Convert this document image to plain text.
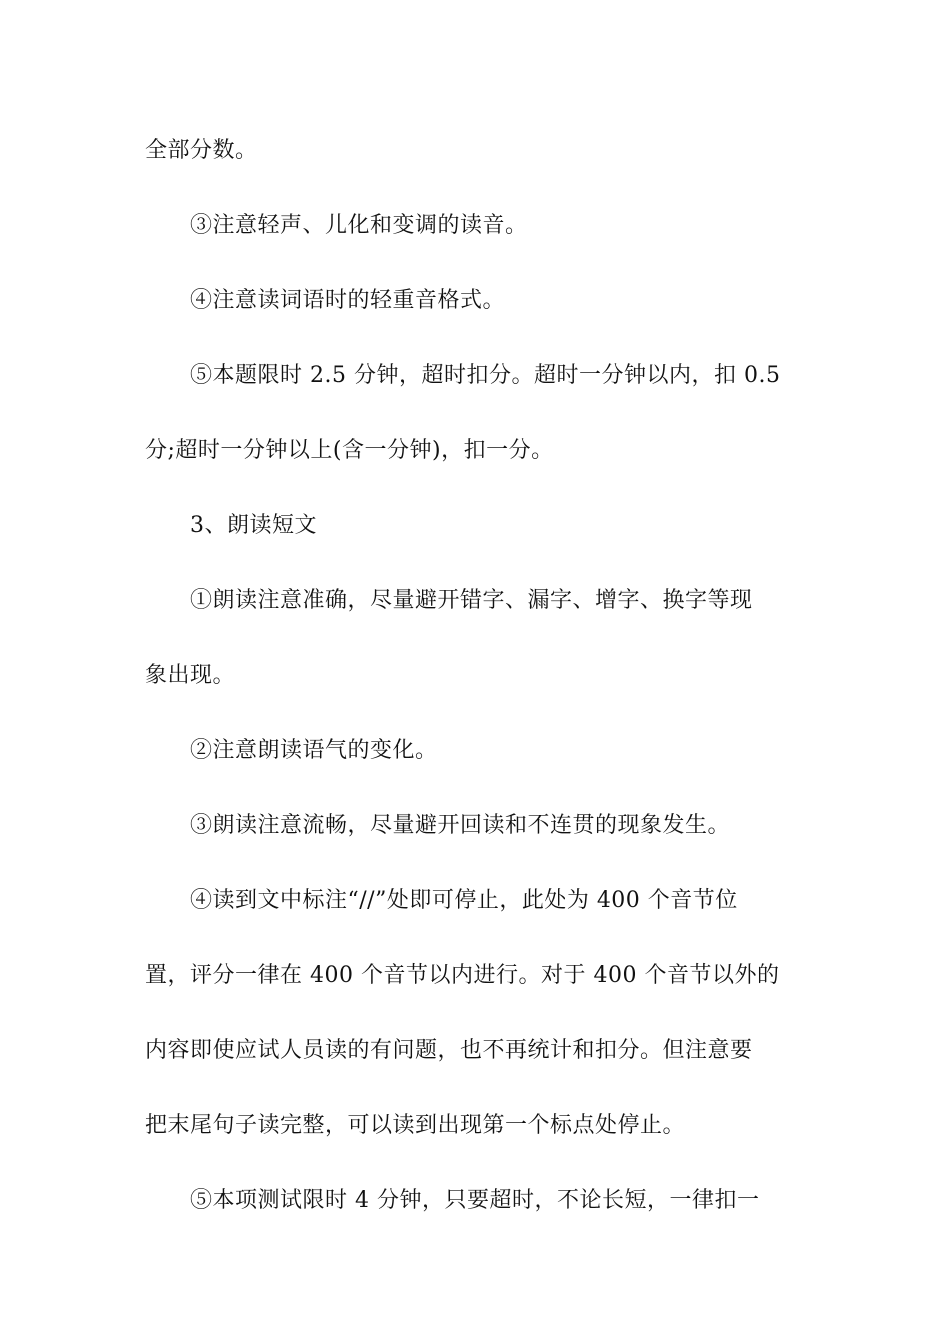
全部分数。
③注意轻声、儿化和变调的读音。
④注意读词语时的轻重音格式。
⑤本题限时 2.5 分钟，超时扣分。超时一分钟以内，扣 0.5
分;超时一分钟以上(含一分钟)，扣一分。
3、朗读短文
①朗读注意准确，尽量避开错字、漏字、增字、换字等现
象出现。
②注意朗读语气的变化。
③朗读注意流畅，尽量避开回读和不连贯的现象发生。
④读到文中标注“//”处即可停止，此处为 400 个音节位
置，评分一律在 400 个音节以内进行。对于 400 个音节以外的
内容即使应试人员读的有问题，也不再统计和扣分。但注意要
把末尾句子读完整，可以读到出现第一个标点处停止。
⑤本项测试限时 4 分钟，只要超时，不论长短，一律扣一
